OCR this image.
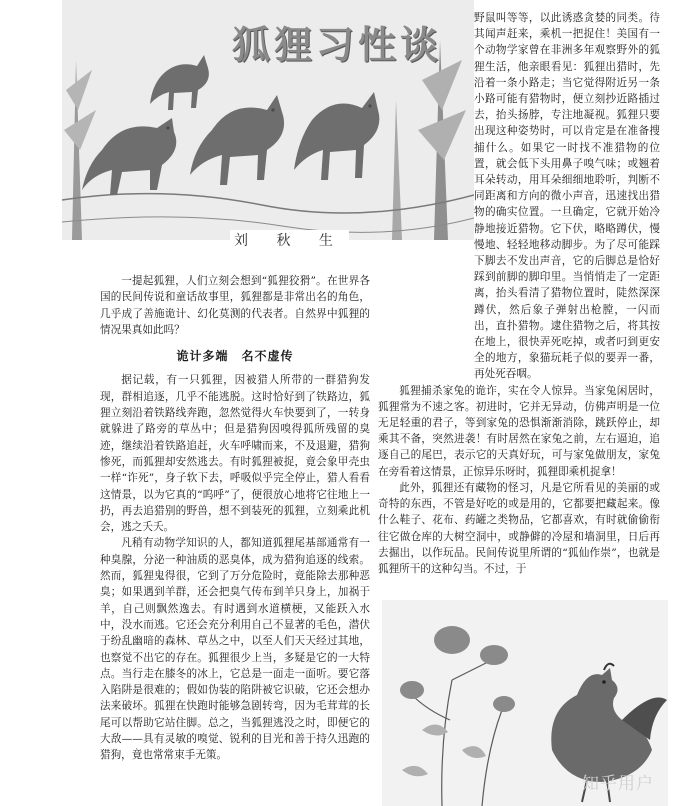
狐狸习性谈
刘 秋 生

野鼠叫等等，以此诱惑贪婪的同类。待其闻声赶来，乘机一把捉住！美国有一个动物学家曾在非洲多年观察野外的狐狸生活，他亲眼看见：狐狸出猎时，先沿着一条小路走；当它觉得附近另一条小路可能有猎物时，便立刻抄近路插过去，抬头扬脖，专注地凝视。狐狸只要出现这种姿势时，可以肯定是在准备搜捕什么。如果它一时找不准猎物的位置，就会低下头用鼻子嗅气味；或翘着耳朵转动，用耳朵细细地聆听，判断不同距离和方向的微小声音，迅速找出猎物的确实位置。一旦确定，它就开始冷静地接近猎物。它下伏，略略蹲伏，慢慢地、轻轻地移动脚步。为了尽可能踩下脚去不发出声音，它的后脚总是恰好踩到前脚的脚印里。当悄悄走了一定距离，抬头看清了猎物位置时，陡然深深蹲伏，然后象子弹射出枪膛，一闪而出，直扑猎物。逮住猎物之后，将其按在地上，很快弄死吃掉，或者叼到更安全的地方，象猫玩耗子似的要弄一番，再处死吞咽。

狐狸捕杀家兔的诡诈，实在令人惊异。当家兔闲居时，狐狸常为不速之客。初进时，它并无异动，仿佛声明是一位无足轻重的君子，等到家兔的恐惧渐渐消除，跳跃停止，却乘其不备，突然进袭！有时居然在家兔之前，左右逼迫，追逐自己的尾巴，表示它的天真好玩，可与家兔做朋友，家兔在旁看着这情景，正惊异乐呀时，狐狸即乘机捉拿！

此外，狐狸还有藏物的怪习，凡是它所看见的美丽的或奇特的东西，不管是好吃的或是用的，它都要把藏起来。像什么鞋子、花布、药罐之类物品，它都喜欢，有时就偷偷衔往它做仓库的大树空洞中，或静僻的冷屋和墙洞里，日后再去掘出，以作玩品。民间传说里所谓的“狐仙作崇”，也就是狐狸所干的这种勾当。不过，于

一提起狐狸，人们立刻会想到“狐狸狡猾”。在世界各国的民间传说和童话故事里，狐狸都是非常出名的角色，几乎成了善施诡计、幻化莫测的代表者。自然界中狐狸的情况果真如此吗？

诡计多端　名不虚传

据记载，有一只狐狸，因被猎人所带的一群猎狗发现，群相追逐，几乎不能逃脱。这时恰好到了铁路边，狐狸立刻沿着铁路线奔跑，忽然觉得火车快要到了，一转身就躲进了路旁的草丛中；但是猎狗因嗅得狐所残留的臭迹，继续沿着铁路追赶，火车呼啸而来，不及退避，猎狗惨死，而狐狸却安然逃去。有时狐狸被捉，竟会象甲壳虫一样“诈死”，身子软下去，呼吸似乎完全停止，猎人看看这情景，以为它真的“呜呼”了，便很放心地将它往地上一扔，再去追猎别的野兽，想不到装死的狐狸，立刻乘此机会，逃之夭夭。

凡稍有动物学知识的人，都知道狐狸尾基部通常有一种臭腺，分泌一种油质的恶臭体，成为猎狗追逐的线索。然而，狐狸鬼得很，它到了万分危险时，竟能除去那种恶臭；如果遇到羊群，还会把臭气传布到羊只身上，加祸于羊，自己则飘然逸去。有时遇到水道横梗，又能跃入水中，没水而逃。它还会充分利用自己不显著的毛色，潜伏于纷乱幽暗的森林、草丛之中，以至人们天天经过其地，也察觉不出它的存在。狐狸很少上当，多疑是它的一大特点。当行走在膝冬的冰上，它总是一面走一面听。要它落入陷阱是很难的；假如伪装的陷阱被它识破，它还会想办法来破坏。狐狸在快跑时能够急剧转弯，因为毛茸茸的长尾可以帮助它站住脚。总之，当狐狸逃没之时，即便它的大敌——具有灵敏的嗅觉、锐利的目光和善于持久迅跑的猎狗，竟也常常束手无策。

知乎用户
